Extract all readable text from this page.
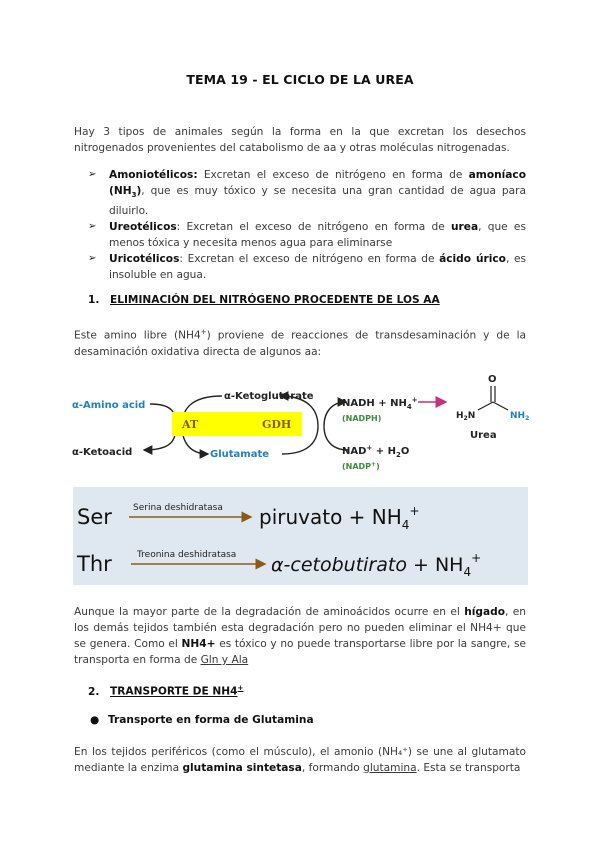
TEMA 19 - EL CICLO DE LA UREA
Hay 3 tipos de animales según la forma en la que excretan los desechos nitrogenados provenientes del catabolismo de aa y otras moléculas nitrogenadas.
➢ Amoniotélicos: Excretan el exceso de nitrógeno en forma de amoníaco $(NH_3)$, que es muy tóxico y se necesita una gran cantidad de agua para diluirlo.
➢ Ureotélicos: Excretan el exceso de nitrógeno en forma de urea, que es menos tóxica y necesita menos agua para eliminarse
➢ Uricotélicos: Excretan el exceso de nitrógeno en forma de ácido úrico, es insoluble en agua.
1. ELIMINACIÓN DEL NITRÓGENO PROCEDENTE DE LOS AA
Este amino libre (NH4+) proviene de reacciones de transdesaminación y de la desaminación oxidativa directa de algunos aa:
AT	GDH
α-Amino acid
α-Ketoacid
α-Ketoglutarate
Glutamate
NADH + $NH_4^+$
(NADPH)
$NAD^+ + H_2O$
(NADP+)
O
$H_2N$	$NH_2$
Urea
Ser Serina deshidratasa piruvato + $NH_4^+$
Thr	Treonina deshidratasa α-cetobutirato + $NH_4^+$
Aunque la mayor parte de la degradación de aminoácidos ocurre en el hígado, en los demás tejidos también esta degradación pero no pueden eliminar el NH4+ que se genera. Como el NH4+ es tóxico y no puede transportarse libre por la sangre, se transporta en forma de Gln y Ala
2. TRANSPORTE DE NH4+
● Transporte en forma de Glutamina
En los tejidos periféricos (como el músculo), el amonio (NH₄⁺) se une al glutamato mediante la enzima glutamina sintetasa, formando glutamina. Esta se transporta
